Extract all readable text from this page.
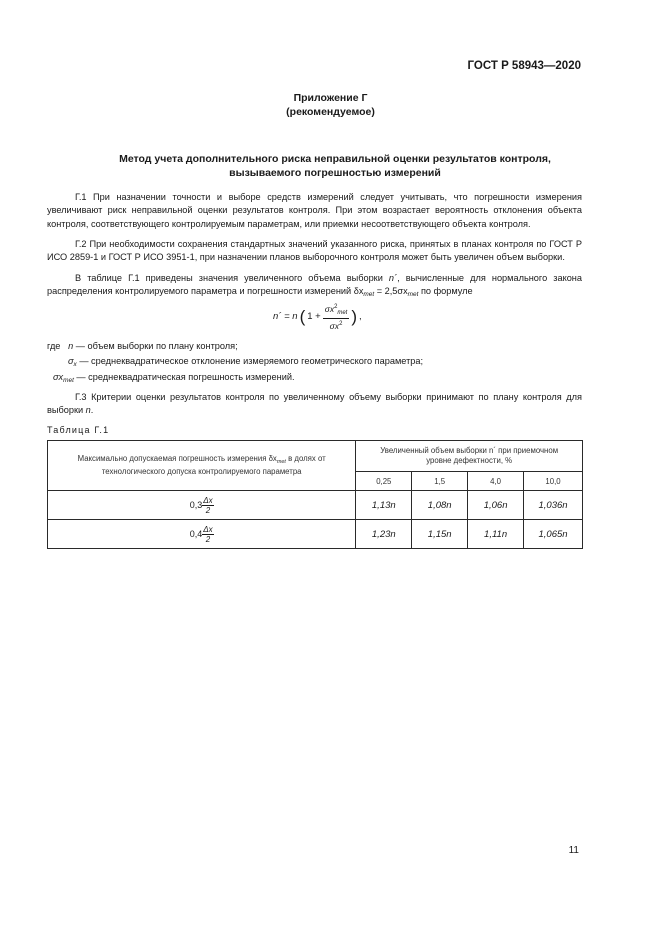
ГОСТ Р 58943—2020
Приложение Г
(рекомендуемое)
Метод учета дополнительного риска неправильной оценки результатов контроля,
вызываемого погрешностью измерений
Г.1 При назначении точности и выборе средств измерений следует учитывать, что погрешности измерения увеличивают риск неправильной оценки результатов контроля. При этом возрастает вероятность отклонения объекта контроля, соответствующего контролируемым параметрам, или приемки несоответствующего объекта контроля.
Г.2 При необходимости сохранения стандартных значений указанного риска, принятых в планах контроля по ГОСТ Р ИСО 2859-1 и ГОСТ Р ИСО 3951-1, при назначении планов выборочного контроля может быть увеличен объем выборки.
В таблице Г.1 приведены значения увеличенного объема выборки n´, вычисленные для нормального закона распределения контролируемого параметра и погрешности измерений $\delta x_{met} = 2,5\sigma x_{met}$ по формуле
n´ = n ( $1 + \frac{\sigma x^2_{met}}{\sigma x^2}$ ) ,
где n — объем выборки по плану контроля;
$\sigma_x$ — среднеквадратическое отклонение измеряемого геометрического параметра;
$\sigma x_{met}$ — среднеквадратическая погрешность измерений.
Г.3 Критерии оценки результатов контроля по увеличенному объему выборки принимают по плану контроля для выборки n.
Таблица Г.1
Максимально допускаемая погрешность измерения $\delta x_{met}$ в долях от технологического допуска контролируемого параметра	Увеличенный объем выборки n´ при приемочном
уровне дефектности, %			

	0,25	1,5	4,0	10,0

$0,3 \frac{\Delta x}{2}$	1,13n	1,08n	1,06n	1,036n

$0,4 \frac{\Delta x}{2}$	1,23n	1,15n	1,11n	1,065n
11
